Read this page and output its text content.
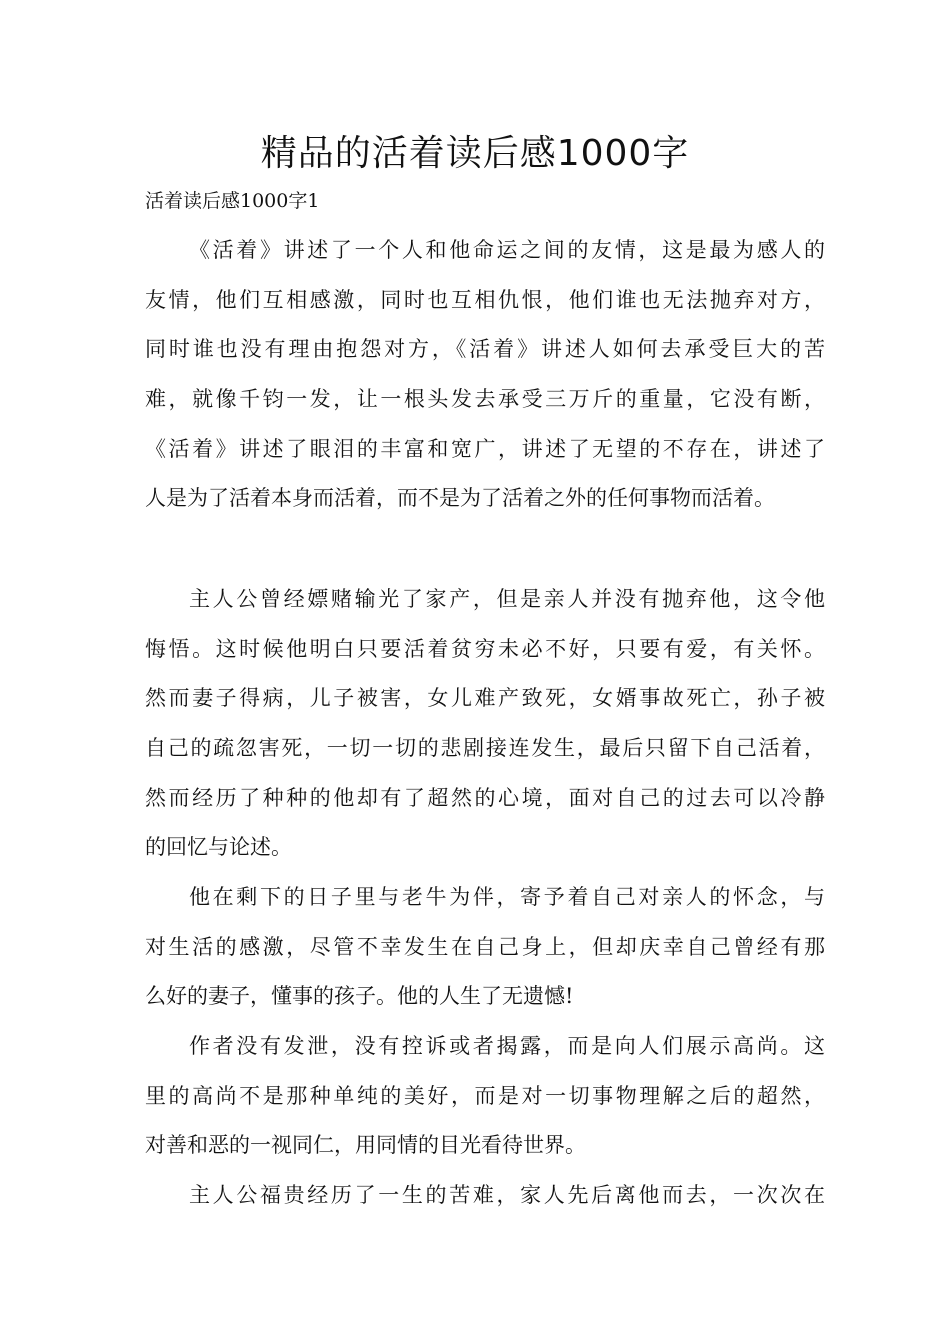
精品的活着读后感1000字

活着读后感1000字1

《活着》讲述了一个人和他命运之间的友情，这是最为感人的
友情，他们互相感激，同时也互相仇恨，他们谁也无法抛弃对方，
同时谁也没有理由抱怨对方，《活着》讲述人如何去承受巨大的苦
难，就像千钧一发，让一根头发去承受三万斤的重量，它没有断，
《活着》讲述了眼泪的丰富和宽广，讲述了无望的不存在，讲述了
人是为了活着本身而活着，而不是为了活着之外的任何事物而活着。
主人公曾经嫖赌输光了家产，但是亲人并没有抛弃他，这令他
悔悟。这时候他明白只要活着贫穷未必不好，只要有爱，有关怀。
然而妻子得病，儿子被害，女儿难产致死，女婿事故死亡，孙子被
自己的疏忽害死，一切一切的悲剧接连发生，最后只留下自己活着，
然而经历了种种的他却有了超然的心境，面对自己的过去可以冷静
的回忆与论述。
他在剩下的日子里与老牛为伴，寄予着自己对亲人的怀念，与
对生活的感激，尽管不幸发生在自己身上，但却庆幸自己曾经有那
么好的妻子，懂事的孩子。他的人生了无遗憾!
作者没有发泄，没有控诉或者揭露，而是向人们展示高尚。这
里的高尚不是那种单纯的美好，而是对一切事物理解之后的超然，
对善和恶的一视同仁，用同情的目光看待世界。
主人公福贵经历了一生的苦难，家人先后离他而去，一次次在
